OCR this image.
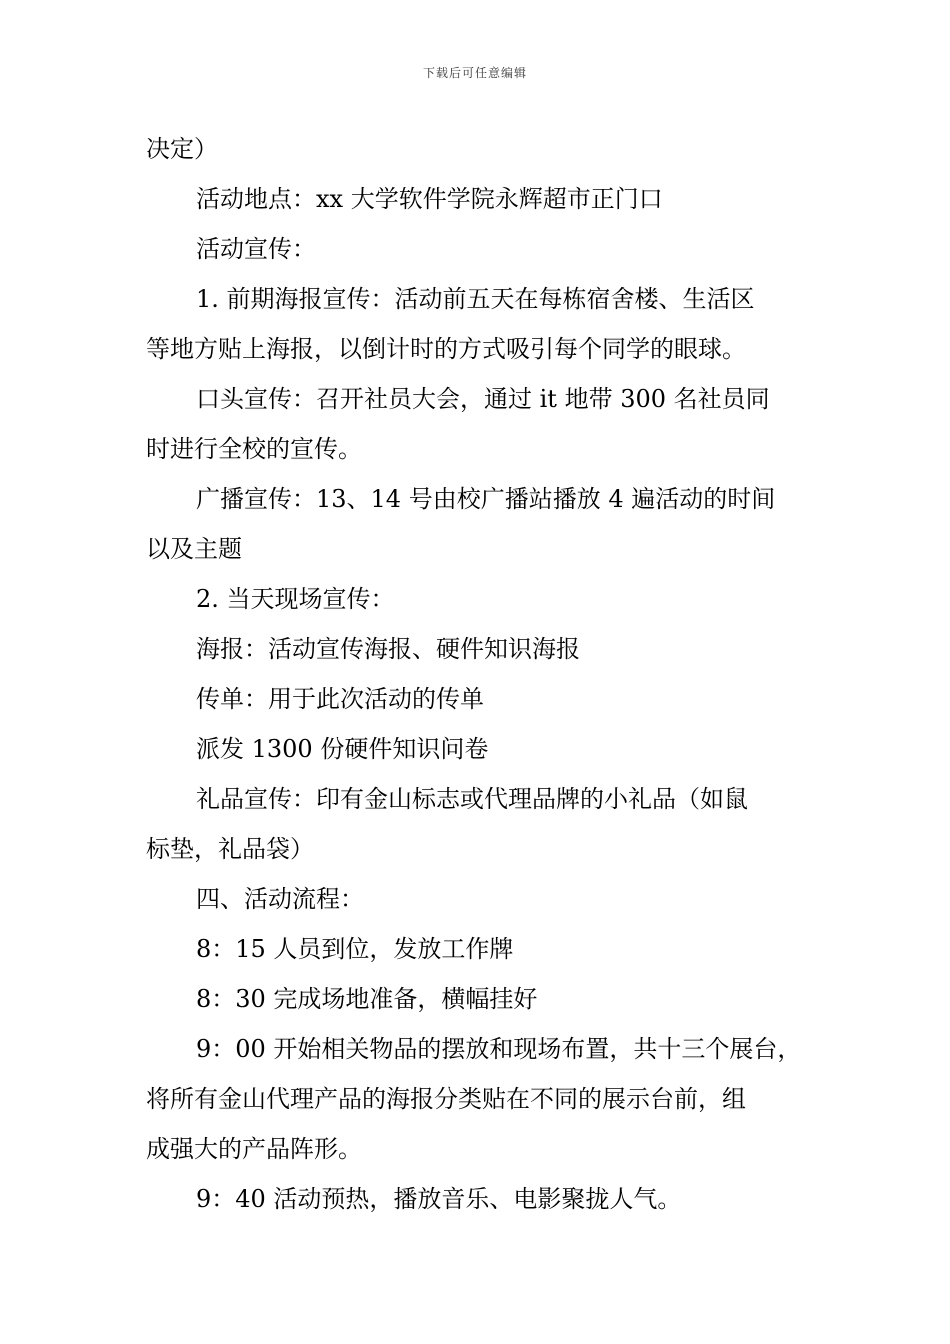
下载后可任意编辑
决定）
活动地点：xx 大学软件学院永辉超市正门口
活动宣传：
1. 前期海报宣传：活动前五天在每栋宿舍楼、生活区
等地方贴上海报，以倒计时的方式吸引每个同学的眼球。
口头宣传：召开社员大会，通过 it 地带 300 名社员同
时进行全校的宣传。
广播宣传：13、14 号由校广播站播放 4 遍活动的时间
以及主题
2. 当天现场宣传：
海报：活动宣传海报、硬件知识海报
传单：用于此次活动的传单
派发 1300 份硬件知识问卷
礼品宣传：印有金山标志或代理品牌的小礼品（如鼠
标垫，礼品袋）
四、活动流程：
8：15 人员到位，发放工作牌
8：30 完成场地准备，横幅挂好
9：00 开始相关物品的摆放和现场布置，共十三个展台，
将所有金山代理产品的海报分类贴在不同的展示台前，组
成强大的产品阵形。
9：40 活动预热，播放音乐、电影聚拢人气。
